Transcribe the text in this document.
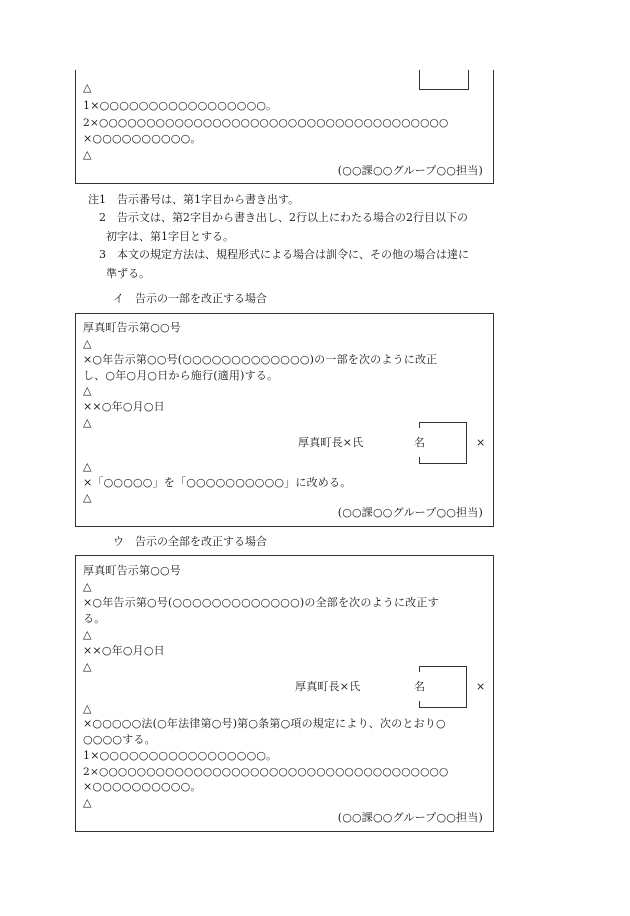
△
1×○○○○○○○○○○○○○○○○○。
2×○○○○○○○○○○○○○○○○○○○○○○○○○○○○○○○○○○○○○
×○○○○○○○○○○。
△
(○○課○○グループ○○担当)
注1　告示番号は、第1字目から書き出す。
2　告示文は、第2字目から書き出し、2行以上にわたる場合の2行目以下の
初字は、第1字目とする。
3　本文の規定方法は、規程形式による場合は訓令に、その他の場合は達に
準ずる。
イ　告示の一部を改正する場合
厚真町告示第○○号
△
×○年告示第○○号(○○○○○○○○○○○○○)の一部を次のように改正
し、○年○月○日から施行(適用)する。
△
××○年○月○日
△
厚真町長×氏	名	×
△
×「○○○○○」を「○○○○○○○○○○」に改める。
△
(○○課○○グループ○○担当)
ウ　告示の全部を改正する場合
厚真町告示第○○号
△
×○年告示第○号(○○○○○○○○○○○○○)の全部を次のように改正す
る。
△
××○年○月○日
△
厚真町長×氏	名	×
△
×○○○○○法(○年法律第○号)第○条第○項の規定により、次のとおり○
○○○○する。
1×○○○○○○○○○○○○○○○○○。
2×○○○○○○○○○○○○○○○○○○○○○○○○○○○○○○○○○○○○○
×○○○○○○○○○○。
△
(○○課○○グループ○○担当)
